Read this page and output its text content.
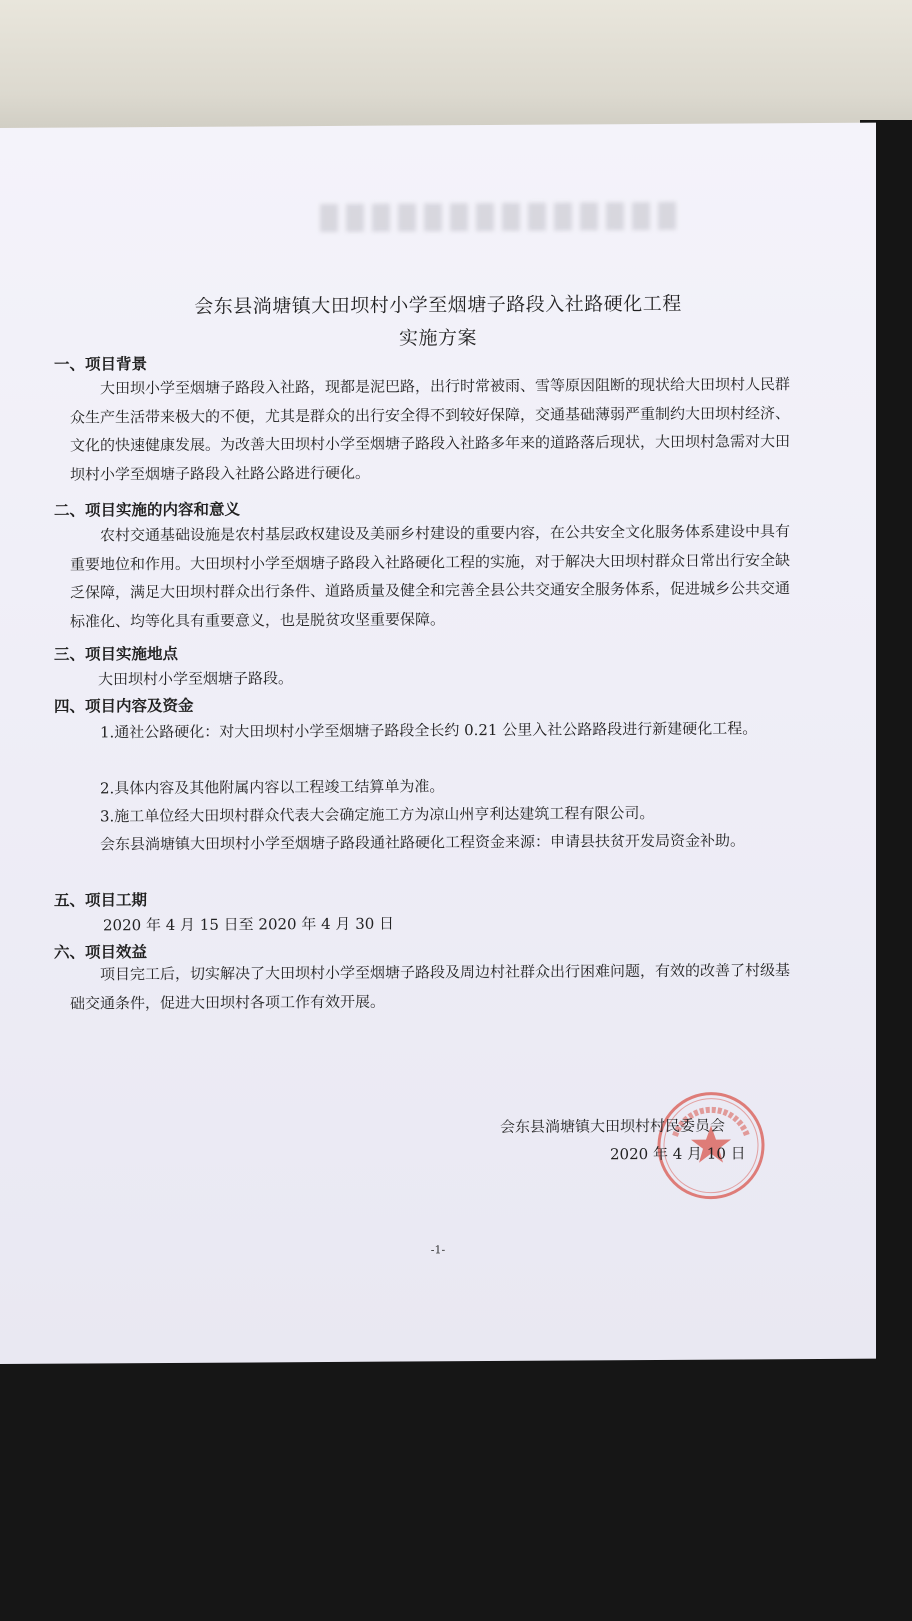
会东县淌塘镇大田坝村小学至烟塘子路段入社路硬化工程
实施方案
一、项目背景
大田坝小学至烟塘子路段入社路，现都是泥巴路，出行时常被雨、雪等原因阻断的现状给大田坝村人民群众生产生活带来极大的不便，尤其是群众的出行安全得不到较好保障，交通基础薄弱严重制约大田坝村经济、文化的快速健康发展。为改善大田坝村小学至烟塘子路段入社路多年来的道路落后现状，大田坝村急需对大田坝村小学至烟塘子路段入社路公路进行硬化。
二、项目实施的内容和意义
农村交通基础设施是农村基层政权建设及美丽乡村建设的重要内容，在公共安全文化服务体系建设中具有重要地位和作用。大田坝村小学至烟塘子路段入社路硬化工程的实施，对于解决大田坝村群众日常出行安全缺乏保障，满足大田坝村群众出行条件、道路质量及健全和完善全县公共交通安全服务体系，促进城乡公共交通标准化、均等化具有重要意义，也是脱贫攻坚重要保障。
三、项目实施地点
大田坝村小学至烟塘子路段。
四、项目内容及资金
1.通社公路硬化：对大田坝村小学至烟塘子路段全长约 0.21 公里入社公路路段进行新建硬化工程。
2.具体内容及其他附属内容以工程竣工结算单为准。
3.施工单位经大田坝村群众代表大会确定施工方为凉山州亨利达建筑工程有限公司。
会东县淌塘镇大田坝村小学至烟塘子路段通社路硬化工程资金来源：申请县扶贫开发局资金补助。
五、项目工期
2020 年 4 月 15 日至 2020 年 4 月 30 日
六、项目效益
项目完工后，切实解决了大田坝村小学至烟塘子路段及周边村社群众出行困难问题，有效的改善了村级基础交通条件，促进大田坝村各项工作有效开展。
会东县淌塘镇大田坝村村民委员会
2020 年 4 月 10 日
-1-
